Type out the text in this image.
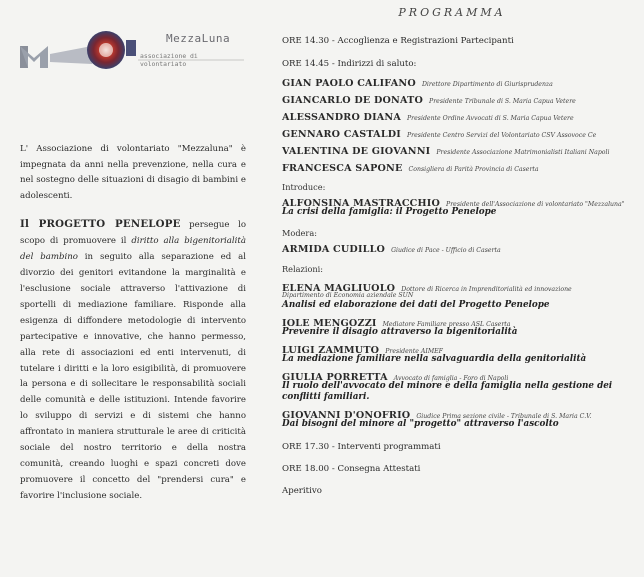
MezzaLuna
associazione di volontariato
L' Associazione di volontariato "Mezzaluna" è impegnata da anni nella prevenzione, nella cura e nel sostegno delle situazioni di disagio di bambini e adolescenti.
Il PROGETTO PENELOPE persegue lo scopo di promuovere il diritto alla bigenitorialità del bambino in seguito alla separazione ed al divorzio dei genitori evitandone la marginalità e l'esclusione sociale attraverso l'attivazione di sportelli di mediazione familiare. Risponde alla esigenza di diffondere metodologie di intervento partecipative e innovative, che hanno permesso, alla rete di associazioni ed enti intervenuti, di tutelare i diritti e la loro esigibilità, di promuovere la persona e di sollecitare le responsabilità sociali delle comunità e delle istituzioni. Intende favorire lo sviluppo di servizi e di sistemi che hanno affrontato in maniera strutturale le aree di criticità sociale del nostro territorio e della nostra comunità, creando luoghi e spazi concreti dove promuovere il concetto del "prendersi cura" e favorire l'inclusione sociale.
PROGRAMMA
ORE 14.30 - Accoglienza e Registrazioni Partecipanti
ORE 14.45 - Indirizzi di saluto:
GIAN PAOLO CALIFANO Direttore Dipartimento di Giurisprudenza
GIANCARLO DE DONATO Presidente Tribunale di S. Maria Capua Vetere
ALESSANDRO DIANA Presidente Ordine Avvocati di S. Maria Capua Vetere
GENNARO CASTALDI Presidente Centro Servizi del Volontariato CSV Assovoce Ce
VALENTINA DE GIOVANNI Presidente Associazione Matrimonialisti Italiani Napoli
FRANCESCA SAPONE Consigliera di Parità Provincia di Caserta
Introduce:
ALFONSINA MASTRACCHIO Presidente dell'Associazione di volontariato "Mezzaluna"
La crisi della famiglia: il Progetto Penelope
Modera:
ARMIDA CUDILLO Giudice di Pace - Ufficio di Caserta
Relazioni:
ELENA MAGLIUOLO Dottore di Ricerca in Imprenditorialità ed innovazione
Dipartimento di Economia aziendale SUN
Analisi ed elaborazione dei dati del Progetto Penelope
IOLE MENGOZZI Mediatore Familiare presso ASL Caserta
Prevenire il disagio attraverso la bigenitorialità
LUIGI ZAMMUTO Presidente AIMEF
La mediazione familiare nella salvaguardia della genitorialità
GIULIA PORRETTA Avvocato di famiglia - Foro di Napoli
Il ruolo dell'avvocato del minore e della famiglia nella gestione dei conflitti familiari.
GIOVANNI D'ONOFRIO Giudice Prima sezione civile - Tribunale di S. Maria C.V.
Dai bisogni del minore al "progetto" attraverso l'ascolto
ORE 17.30 - Interventi programmati
ORE 18.00 - Consegna Attestati
Aperitivo
